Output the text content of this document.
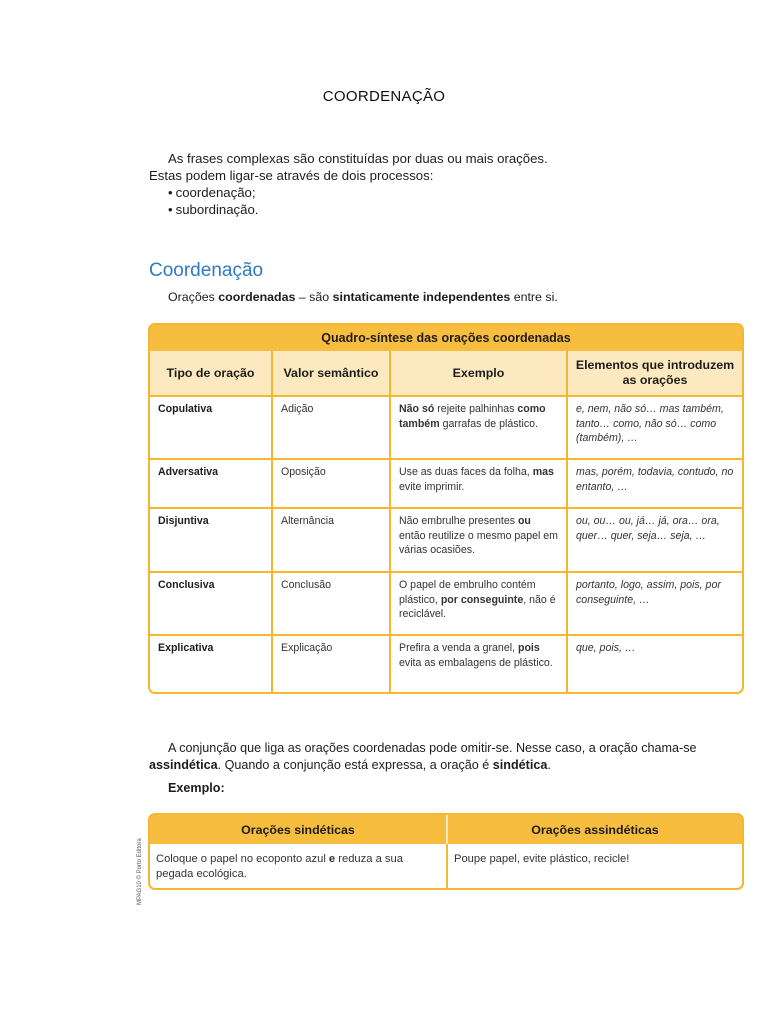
COORDENAÇÃO
As frases complexas são constituídas por duas ou mais orações.
Estas podem ligar-se através de dois processos:
• coordenação;
• subordinação.
Coordenação
Orações coordenadas – são sintaticamente independentes entre si.
Quadro-síntese das orações coordenadas
Tipo de oração	Valor semântico	Exemplo	Elementos que introduzem as orações
Copulativa	Adição	Não só rejeite palhinhas como também garrafas de plástico.	e, nem, não só… mas também, tanto… como, não só… como (também), …
Adversativa	Oposição	Use as duas faces da folha, mas evite imprimir.	mas, porém, todavia, contudo, no entanto, …
Disjuntiva	Alternância	Não embrulhe presentes ou então reutilize o mesmo papel em várias ocasiões.	ou, ou… ou, já… já, ora… ora, quer… quer, seja… seja, …
Conclusiva	Conclusão	O papel de embrulho contém plástico, por conseguinte, não é reciclável.	portanto, logo, assim, pois, por conseguinte, …
Explicativa	Explicação	Prefira a venda a granel, pois evita as embalagens de plástico.	que, pois, …
A conjunção que liga as orações coordenadas pode omitir-se. Nesse caso, a oração chama-se
assindética. Quando a conjunção está expressa, a oração é sindética.
Exemplo:
Orações sindéticas	Orações assindéticas
Coloque o papel no ecoponto azul e reduza a sua pegada ecológica.	Poupe papel, evite plástico, recicle!
MPAG10 © Porto Editora
